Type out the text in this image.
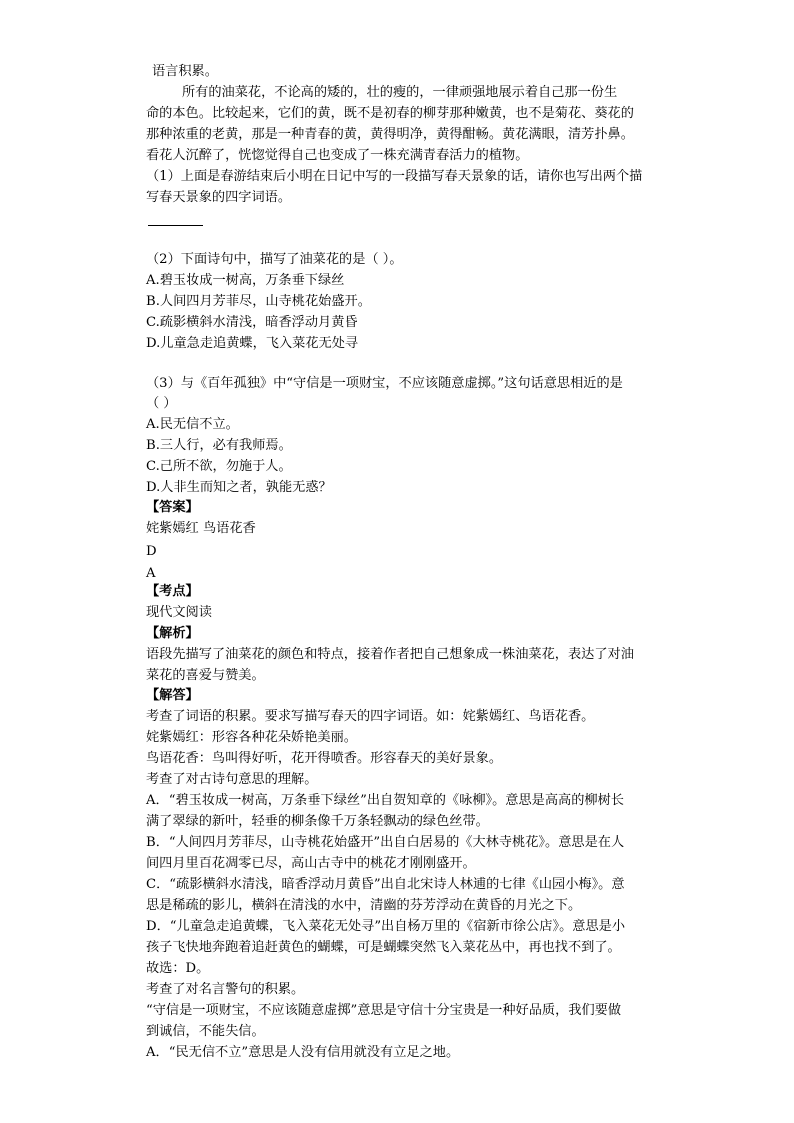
语言积累。
所有的油菜花，不论高的矮的，壮的瘦的，一律顽强地展示着自己那一份生
命的本色。比较起来，它们的黄，既不是初春的柳芽那种嫩黄，也不是菊花、葵花的
那种浓重的老黄，那是一种青春的黄，黄得明净，黄得酣畅。黄花满眼，清芳扑鼻。
看花人沉醉了，恍惚觉得自己也变成了一株充满青春活力的植物。
（1）上面是春游结束后小明在日记中写的一段描写春天景象的话，请你也写出两个描
写春天景象的四字词语。
（2）下面诗句中，描写了油菜花的是（ ）。
A.碧玉妆成一树高，万条垂下绿丝
B.人间四月芳菲尽，山寺桃花始盛开。
C.疏影横斜水清浅，暗香浮动月黄昏
D.儿童急走追黄蝶，飞入菜花无处寻
（3）与《百年孤独》中“守信是一项财宝，不应该随意虚掷。”这句话意思相近的是
（ ）
A.民无信不立。
B.三人行，必有我师焉。
C.己所不欲，勿施于人。
D.人非生而知之者，孰能无惑？
【答案】
姹紫嫣红 鸟语花香
D
A
【考点】
现代文阅读
【解析】
语段先描写了油菜花的颜色和特点，接着作者把自己想象成一株油菜花，表达了对油
菜花的喜爱与赞美。
【解答】
考查了词语的积累。要求写描写春天的四字词语。如：姹紫嫣红、鸟语花香。
姹紫嫣红：形容各种花朵娇艳美丽。
鸟语花香：鸟叫得好听，花开得喷香。形容春天的美好景象。
考查了对古诗句意思的理解。
A．“碧玉妆成一树高，万条垂下绿丝”出自贺知章的《咏柳》。意思是高高的柳树长
满了翠绿的新叶，轻垂的柳条像千万条轻飘动的绿色丝带。
B．“人间四月芳菲尽，山寺桃花始盛开”出自白居易的《大林寺桃花》。意思是在人
间四月里百花凋零已尽，高山古寺中的桃花才刚刚盛开。
C．“疏影横斜水清浅，暗香浮动月黄昏”出自北宋诗人林逋的七律《山园小梅》。意
思是稀疏的影儿，横斜在清浅的水中，清幽的芬芳浮动在黄昏的月光之下。
D．“儿童急走追黄蝶，飞入菜花无处寻”出自杨万里的《宿新市徐公店》。意思是小
孩子飞快地奔跑着追赶黄色的蝴蝶，可是蝴蝶突然飞入菜花丛中，再也找不到了。
故选：D。
考查了对名言警句的积累。
“守信是一项财宝，不应该随意虚掷”意思是守信十分宝贵是一种好品质，我们要做
到诚信，不能失信。
A．“民无信不立”意思是人没有信用就没有立足之地。
